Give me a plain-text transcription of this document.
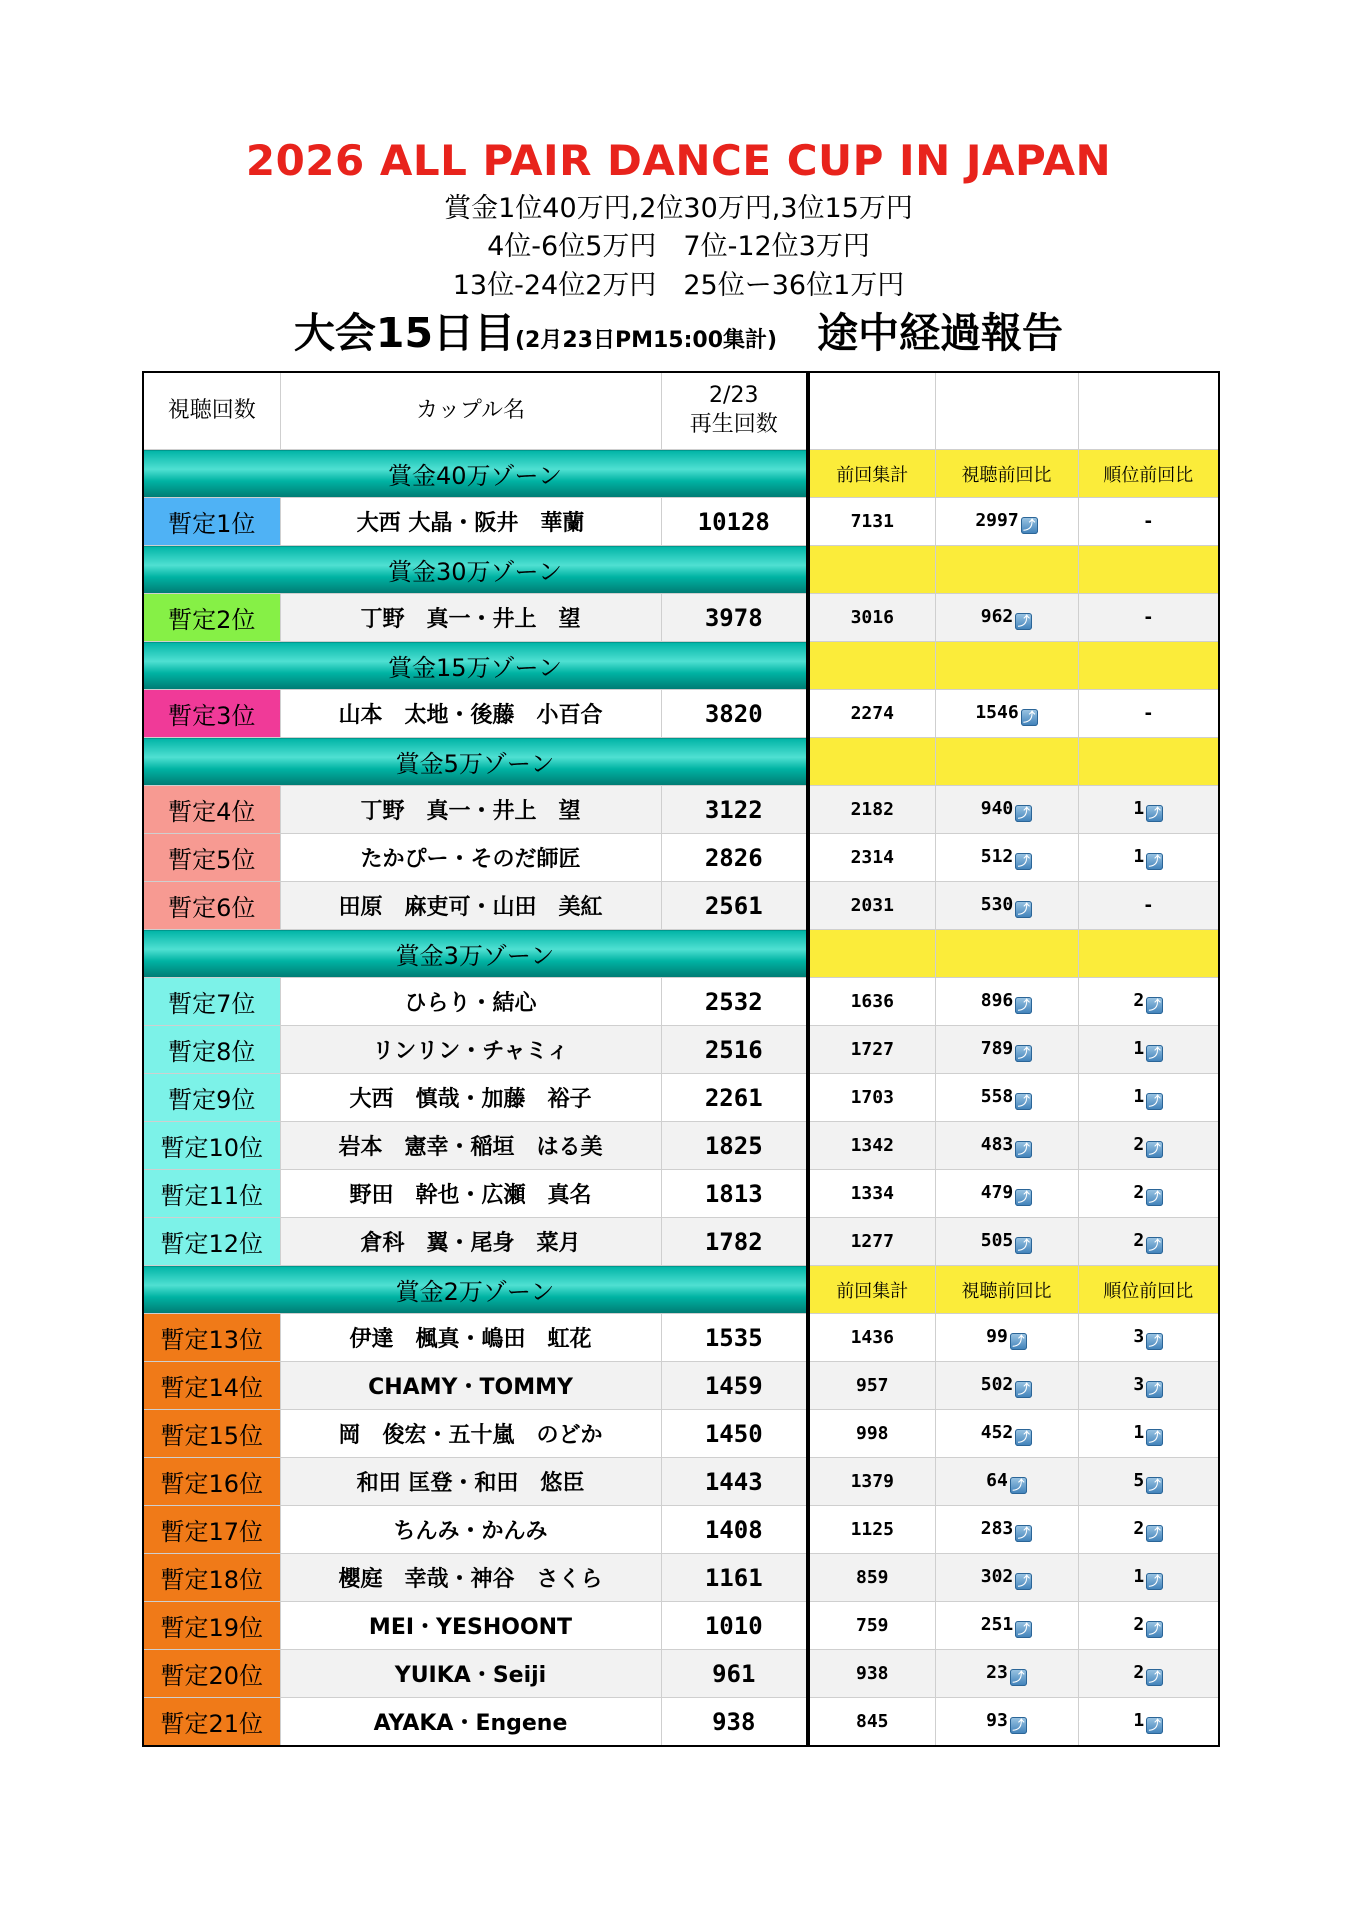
2026 ALL PAIR DANCE CUP IN JAPAN
賞金1位40万円,2位30万円,3位15万円
4位-6位5万円　7位-12位3万円
13位-24位2万円　25位ー36位1万円
大会15日目(2月23日PM15:00集計) 途中経過報告
視聴回数	カップル名	2/23
再生回数			

賞金40万ゾーン			前回集計	視聴前回比	順位前回比
暫定1位	大西 大晶・阪井　華蘭	10128	7131	2997 ⤴	-
賞金30万ゾーン					
暫定2位	丁野　真一・井上　望	3978	3016	962 ⤴	-
賞金15万ゾーン					
暫定3位	山本　太地・後藤　小百合	3820	2274	1546 ⤴	-
賞金5万ゾーン					
暫定4位	丁野　真一・井上　望	3122	2182	940 ⤴	1 ⤴
暫定5位	たかぴー・そのだ師匠	2826	2314	512 ⤴	1 ⤴
暫定6位	田原　麻吏可・山田　美紅	2561	2031	530 ⤴	-
賞金3万ゾーン					
暫定7位	ひらり・結心	2532	1636	896 ⤴	2 ⤴
暫定8位	リンリン・チャミィ	2516	1727	789 ⤴	1 ⤴
暫定9位	大西　慎哉・加藤　裕子	2261	1703	558 ⤴	1 ⤴
暫定10位	岩本　憲幸・稲垣　はる美	1825	1342	483 ⤴	2 ⤴
暫定11位	野田　幹也・広瀬　真名	1813	1334	479 ⤴	2 ⤴
暫定12位	倉科　翼・尾身　菜月	1782	1277	505 ⤴	2 ⤴
賞金2万ゾーン			前回集計	視聴前回比	順位前回比
暫定13位	伊達　楓真・嶋田　虹花	1535	1436	99 ⤴	3 ⤴
暫定14位	CHAMY・TOMMY	1459	957	502 ⤴	3 ⤴
暫定15位	岡　俊宏・五十嵐　のどか	1450	998	452 ⤴	1 ⤴
暫定16位	和田 匡登・和田　悠臣	1443	1379	64 ⤴	5 ⤴
暫定17位	ちんみ・かんみ	1408	1125	283 ⤴	2 ⤴
暫定18位	櫻庭　幸哉・神谷　さくら	1161	859	302 ⤴	1 ⤴
暫定19位	MEI・YESHOONT	1010	759	251 ⤴	2 ⤴
暫定20位	YUIKA・Seiji	961	938	23 ⤴	2 ⤴
暫定21位	AYAKA・Engene	938	845	93 ⤴	1 ⤴
